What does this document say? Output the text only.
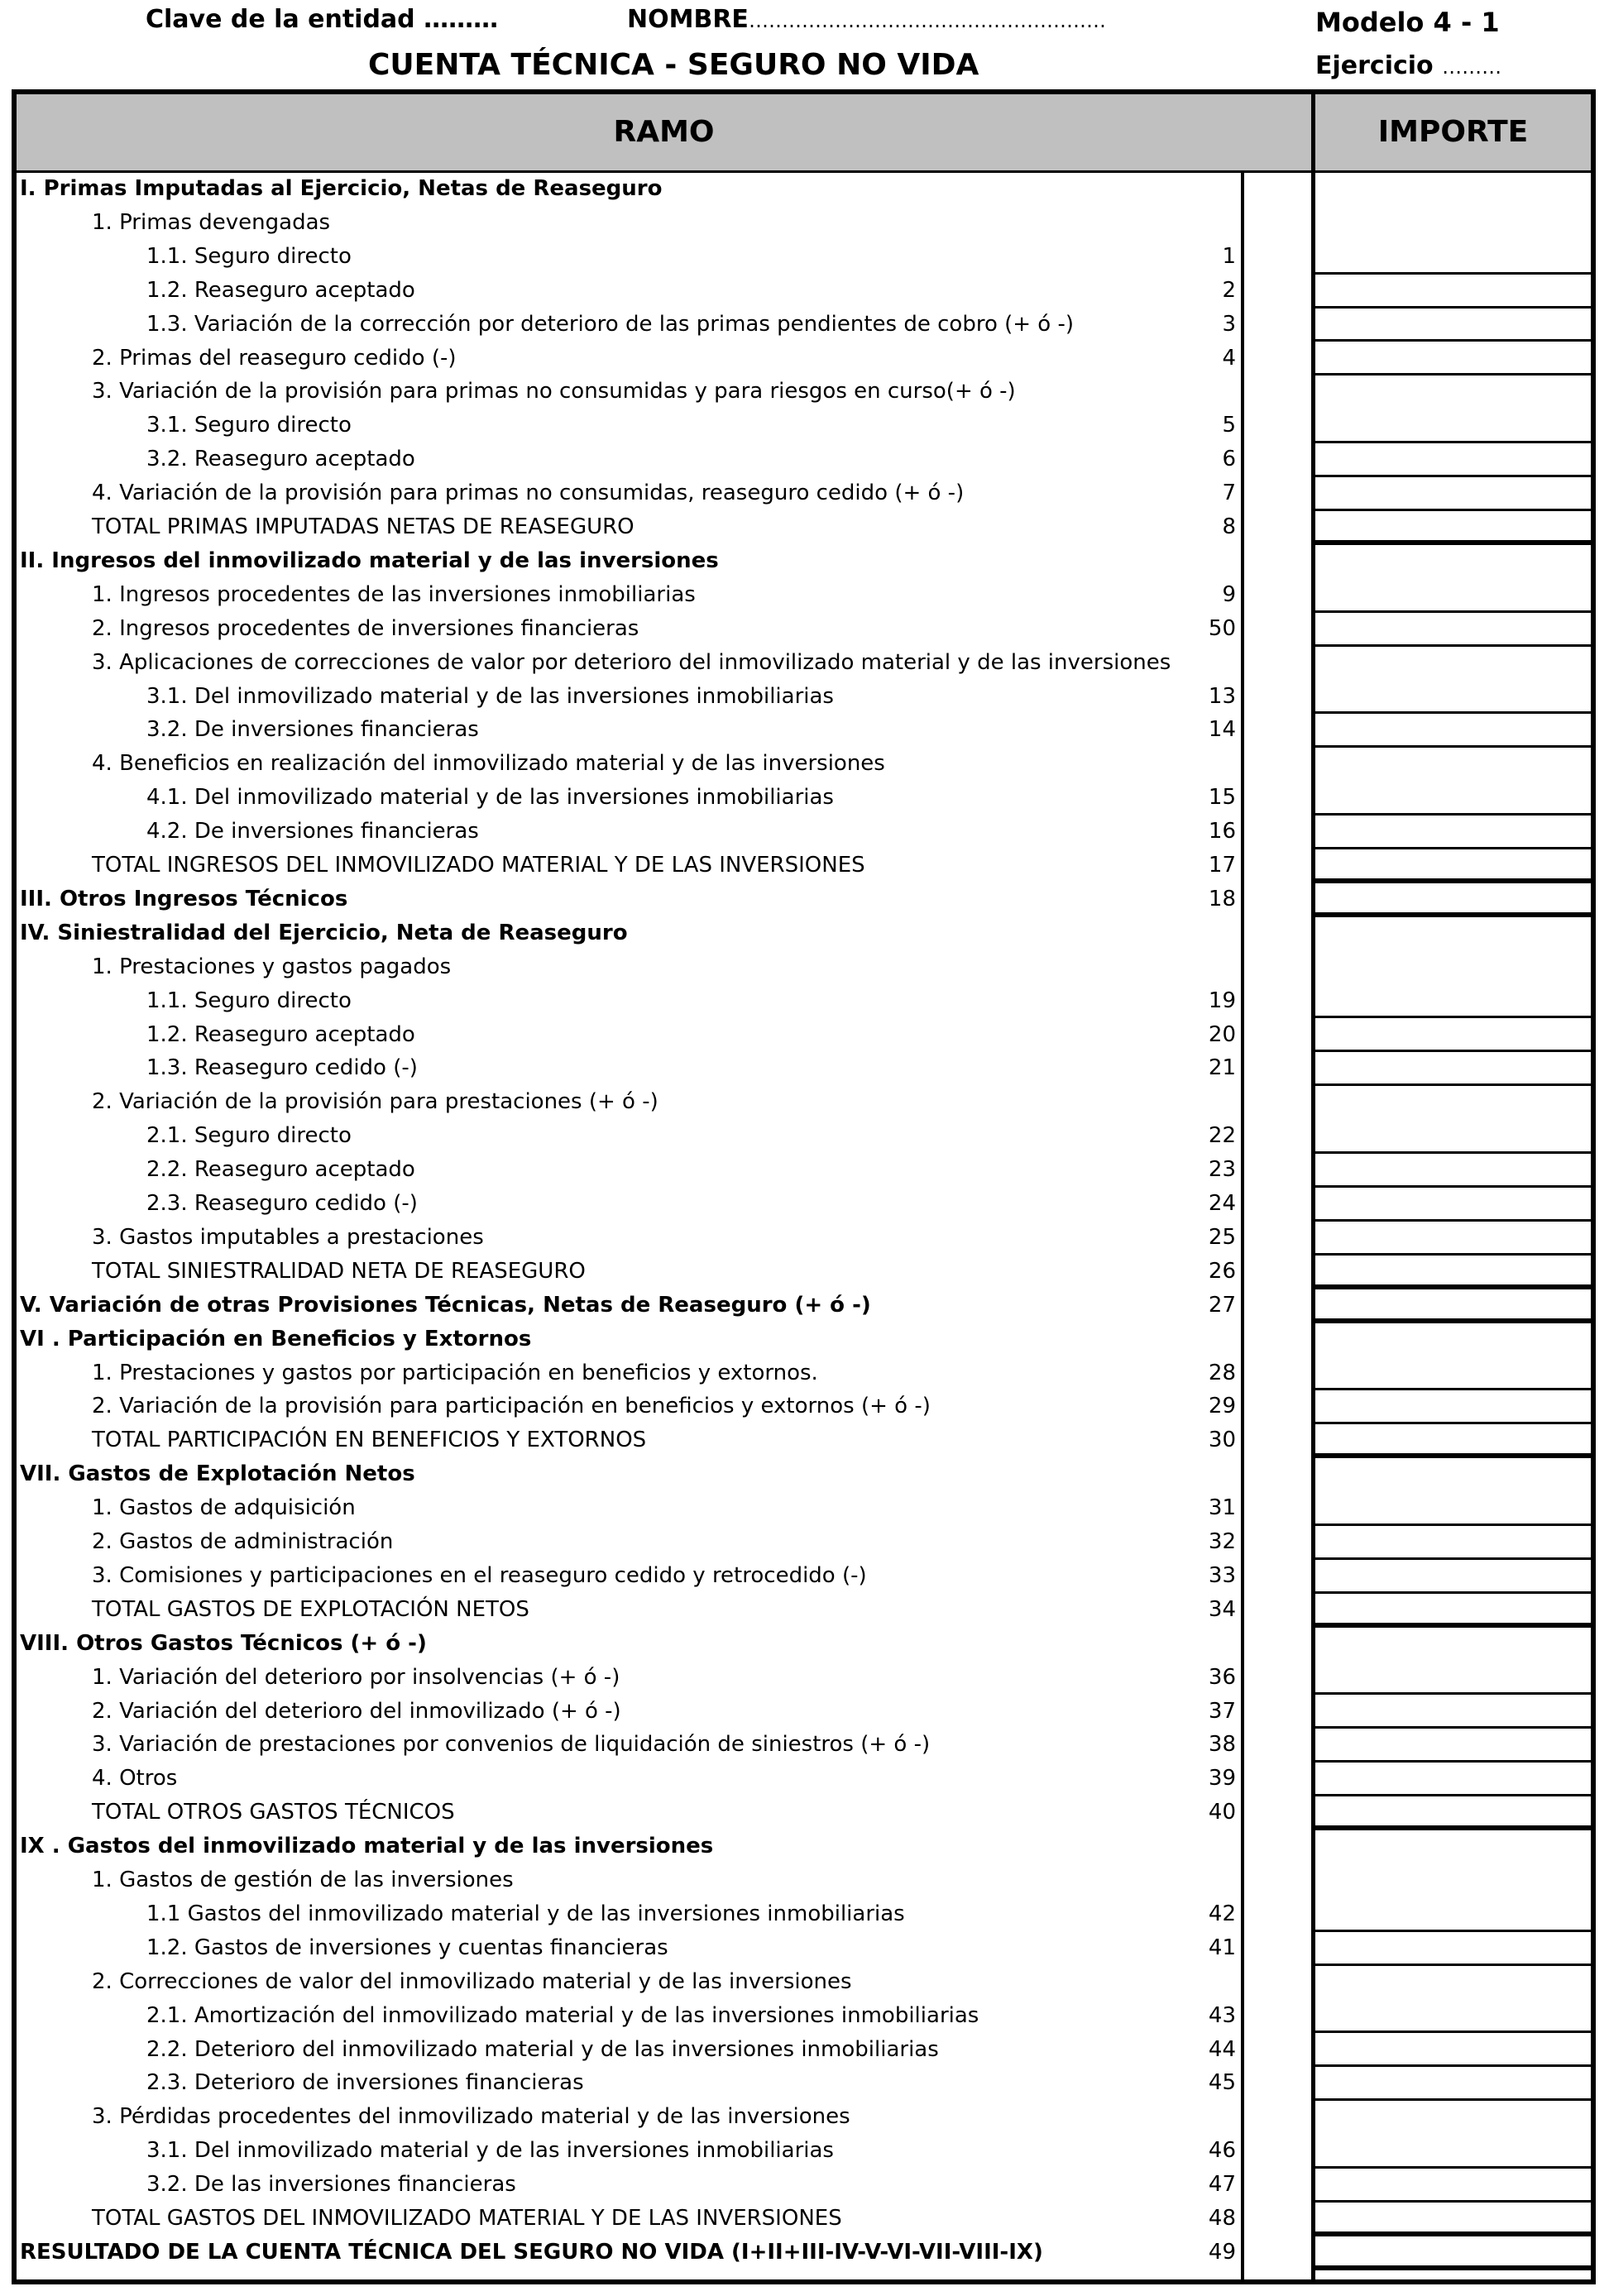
Clave de la entidad ………	NOMBRE………………………………………………	Modelo 4 - 1
CUENTA TÉCNICA - SEGURO NO VIDA	Ejercicio ………
RAMO	IMPORTE
I. Primas Imputadas al Ejercicio, Netas de Reaseguro
1. Primas devengadas
1.1. Seguro directo	1
1.2. Reaseguro aceptado	2
1.3. Variación de la corrección por deterioro de las primas pendientes de cobro (+ ó -)	3
2. Primas del reaseguro cedido (-)	4
3. Variación de la provisión para primas no consumidas y para riesgos en curso(+ ó -)
3.1. Seguro directo	5
3.2. Reaseguro aceptado	6
4. Variación de la provisión para primas no consumidas, reaseguro cedido (+ ó -)	7
TOTAL PRIMAS IMPUTADAS NETAS DE REASEGURO	8
II. Ingresos del inmovilizado material y de las inversiones
1. Ingresos procedentes de las inversiones inmobiliarias	9
2. Ingresos procedentes de inversiones financieras	50
3. Aplicaciones de correcciones de valor por deterioro del inmovilizado material y de las inversiones
3.1. Del inmovilizado material y de las inversiones inmobiliarias	13
3.2. De inversiones financieras	14
4. Beneficios en realización del inmovilizado material y de las inversiones
4.1. Del inmovilizado material y de las inversiones inmobiliarias	15
4.2. De inversiones financieras	16
TOTAL INGRESOS DEL INMOVILIZADO MATERIAL Y DE LAS INVERSIONES	17
III. Otros Ingresos Técnicos	18
IV. Siniestralidad del Ejercicio, Neta de Reaseguro
1. Prestaciones y gastos pagados
1.1. Seguro directo	19
1.2. Reaseguro aceptado	20
1.3. Reaseguro cedido (-)	21
2. Variación de la provisión para prestaciones (+ ó -)
2.1. Seguro directo	22
2.2. Reaseguro aceptado	23
2.3. Reaseguro cedido (-)	24
3. Gastos imputables a prestaciones	25
TOTAL SINIESTRALIDAD NETA DE REASEGURO	26
V. Variación de otras Provisiones Técnicas, Netas de Reaseguro (+ ó -)	27
VI . Participación en Beneficios y Extornos
1. Prestaciones y gastos por participación en beneficios y extornos.	28
2. Variación de la provisión para participación en beneficios y extornos (+ ó -)	29
TOTAL PARTICIPACIÓN EN BENEFICIOS Y EXTORNOS	30
VII. Gastos de Explotación Netos
1. Gastos de adquisición	31
2. Gastos de administración	32
3. Comisiones y participaciones en el reaseguro cedido y retrocedido (-)	33
TOTAL GASTOS DE EXPLOTACIÓN NETOS	34
VIII. Otros Gastos Técnicos (+ ó -)
1. Variación del deterioro por insolvencias (+ ó -)	36
2. Variación del deterioro del inmovilizado (+ ó -)	37
3. Variación de prestaciones por convenios de liquidación de siniestros (+ ó -)	38
4. Otros	39
TOTAL OTROS GASTOS TÉCNICOS	40
IX . Gastos del inmovilizado material y de las inversiones
1. Gastos de gestión de las inversiones
1.1 Gastos del inmovilizado material y de las inversiones inmobiliarias	42
1.2. Gastos de inversiones y cuentas financieras	41
2. Correcciones de valor del inmovilizado material y de las inversiones
2.1. Amortización del inmovilizado material y de las inversiones inmobiliarias	43
2.2. Deterioro del inmovilizado material y de las inversiones inmobiliarias	44
2.3. Deterioro de inversiones financieras	45
3. Pérdidas procedentes del inmovilizado material y de las inversiones
3.1. Del inmovilizado material y de las inversiones inmobiliarias	46
3.2. De las inversiones financieras	47
TOTAL GASTOS DEL INMOVILIZADO MATERIAL Y DE LAS INVERSIONES	48
RESULTADO DE LA CUENTA TÉCNICA DEL SEGURO NO VIDA (I+II+III-IV-V-VI-VII-VIII-IX)	49
